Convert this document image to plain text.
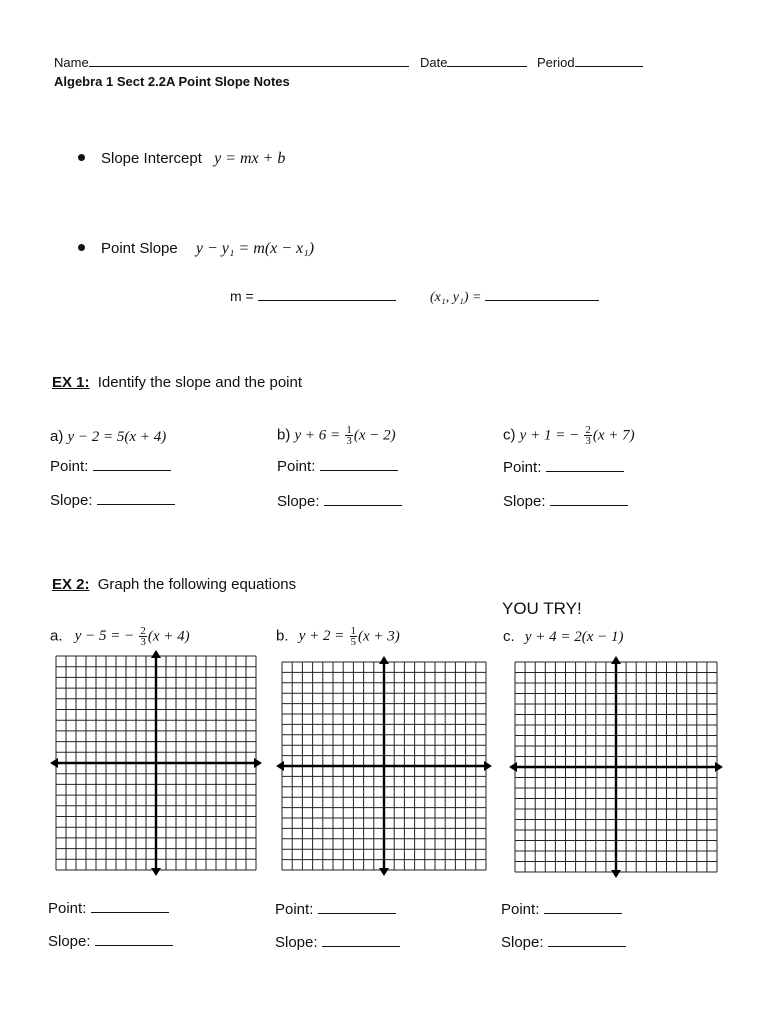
Name	Date	Period
Algebra 1 Sect 2.2A Point Slope Notes
Slope Intercept y = mx + b
Point Slope y − y₁ = m(x − x₁)
m =	(x₁, y₁) =
EX 1: Identify the slope and the point
a) y − 2 = 5(x + 4)	b) $y + 6 = \frac{1}{3} (x - 2)$	c) y + 1 = − $\frac{2}{3} (x + 7)$
Point:	Point:	Point:
Slope:	Slope:	Slope:
EX 2: Graph the following equations
YOU TRY!
a. y − 5 = − $\frac{2}{3} (x + 4)$	b. $y + 2 = \frac{1}{5} (x + 3)$	c. y + 4 = 2(x − 1)
Point:	Point:	Point:
Slope:	Slope:	Slope:
